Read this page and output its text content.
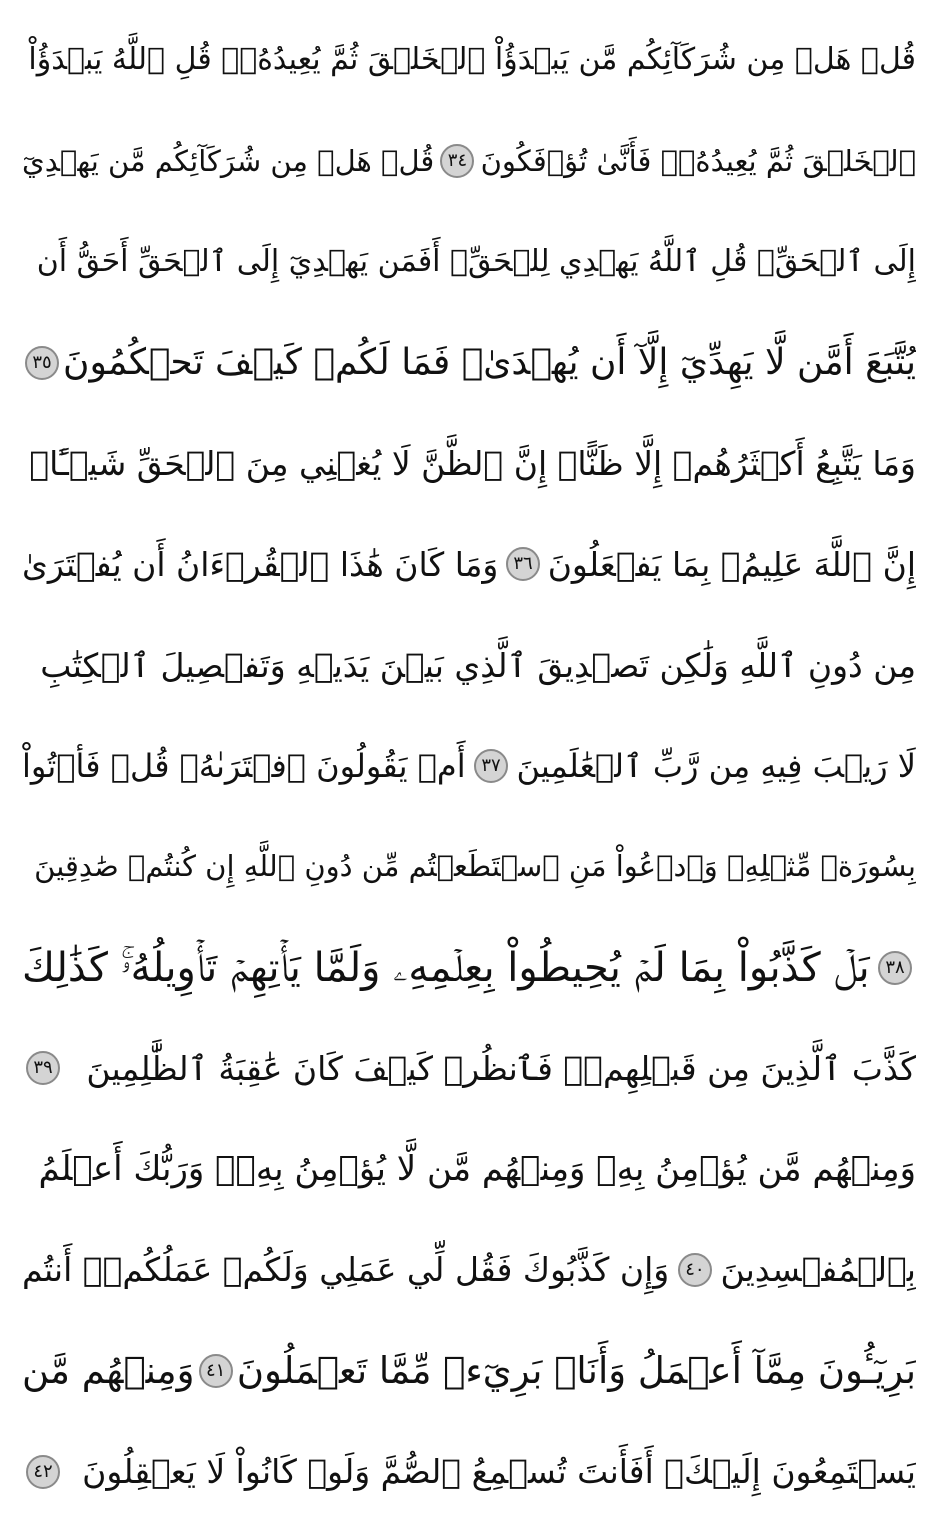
قُلۡ هَلۡ مِن شُرَكَآئِكُم مَّن يَبۡدَؤُاْ ٱلۡخَلۡقَ ثُمَّ يُعِيدُهُۥۚ قُلِ ٱللَّهُ يَبۡدَؤُاْ
ٱلۡخَلۡقَ ثُمَّ يُعِيدُهُۥۖ فَأَنَّىٰ تُؤۡفَكُونَ
٣٤
قُلۡ هَلۡ مِن شُرَكَآئِكُم مَّن يَهۡدِيٓ
إِلَى ٱلۡحَقِّۚ قُلِ ٱللَّهُ يَهۡدِي لِلۡحَقِّۗ أَفَمَن يَهۡدِيٓ إِلَى ٱلۡحَقِّ أَحَقُّ أَن
يُتَّبَعَ أَمَّن لَّا يَهِدِّيٓ إِلَّآ أَن يُهۡدَىٰۖ فَمَا لَكُمۡ كَيۡفَ تَحۡكُمُونَ
٣٥
وَمَا يَتَّبِعُ أَكۡثَرُهُمۡ إِلَّا ظَنًّاۚ إِنَّ ٱلظَّنَّ لَا يُغۡنِي مِنَ ٱلۡحَقِّ شَيۡـًٔاۚ
إِنَّ ٱللَّهَ عَلِيمُۢ بِمَا يَفۡعَلُونَ
٣٦
وَمَا كَانَ هَٰذَا ٱلۡقُرۡءَانُ أَن يُفۡتَرَىٰ
مِن دُونِ ٱللَّهِ وَلَٰكِن تَصۡدِيقَ ٱلَّذِي بَيۡنَ يَدَيۡهِ وَتَفۡصِيلَ ٱلۡكِتَٰبِ
لَا رَيۡبَ فِيهِ مِن رَّبِّ ٱلۡعَٰلَمِينَ
٣٧
أَمۡ يَقُولُونَ ٱفۡتَرَىٰهُۖ قُلۡ فَأۡتُواْ
بِسُورَةٖ مِّثۡلِهِۦ وَٱدۡعُواْ مَنِ ٱسۡتَطَعۡتُم مِّن دُونِ ٱللَّهِ إِن كُنتُمۡ صَٰدِقِينَ
٣٨
بَلۡ كَذَّبُواْ بِمَا لَمۡ يُحِيطُواْ بِعِلۡمِهِۦ وَلَمَّا يَأۡتِهِمۡ تَأۡوِيلُهُۥۚ كَذَٰلِكَ
كَذَّبَ ٱلَّذِينَ مِن قَبۡلِهِمۡۖ فَٱنظُرۡ كَيۡفَ كَانَ عَٰقِبَةُ ٱلظَّٰلِمِينَ
٣٩
وَمِنۡهُم مَّن يُؤۡمِنُ بِهِۦ وَمِنۡهُم مَّن لَّا يُؤۡمِنُ بِهِۦۚ وَرَبُّكَ أَعۡلَمُ
بِٱلۡمُفۡسِدِينَ
٤٠
وَإِن كَذَّبُوكَ فَقُل لِّي عَمَلِي وَلَكُمۡ عَمَلُكُمۡۖ أَنتُم
بَرِيٓـُٔونَ مِمَّآ أَعۡمَلُ وَأَنَا۠ بَرِيٓءٞ مِّمَّا تَعۡمَلُونَ
٤١
وَمِنۡهُم مَّن
يَسۡتَمِعُونَ إِلَيۡكَۚ أَفَأَنتَ تُسۡمِعُ ٱلصُّمَّ وَلَوۡ كَانُواْ لَا يَعۡقِلُونَ
٤٢
